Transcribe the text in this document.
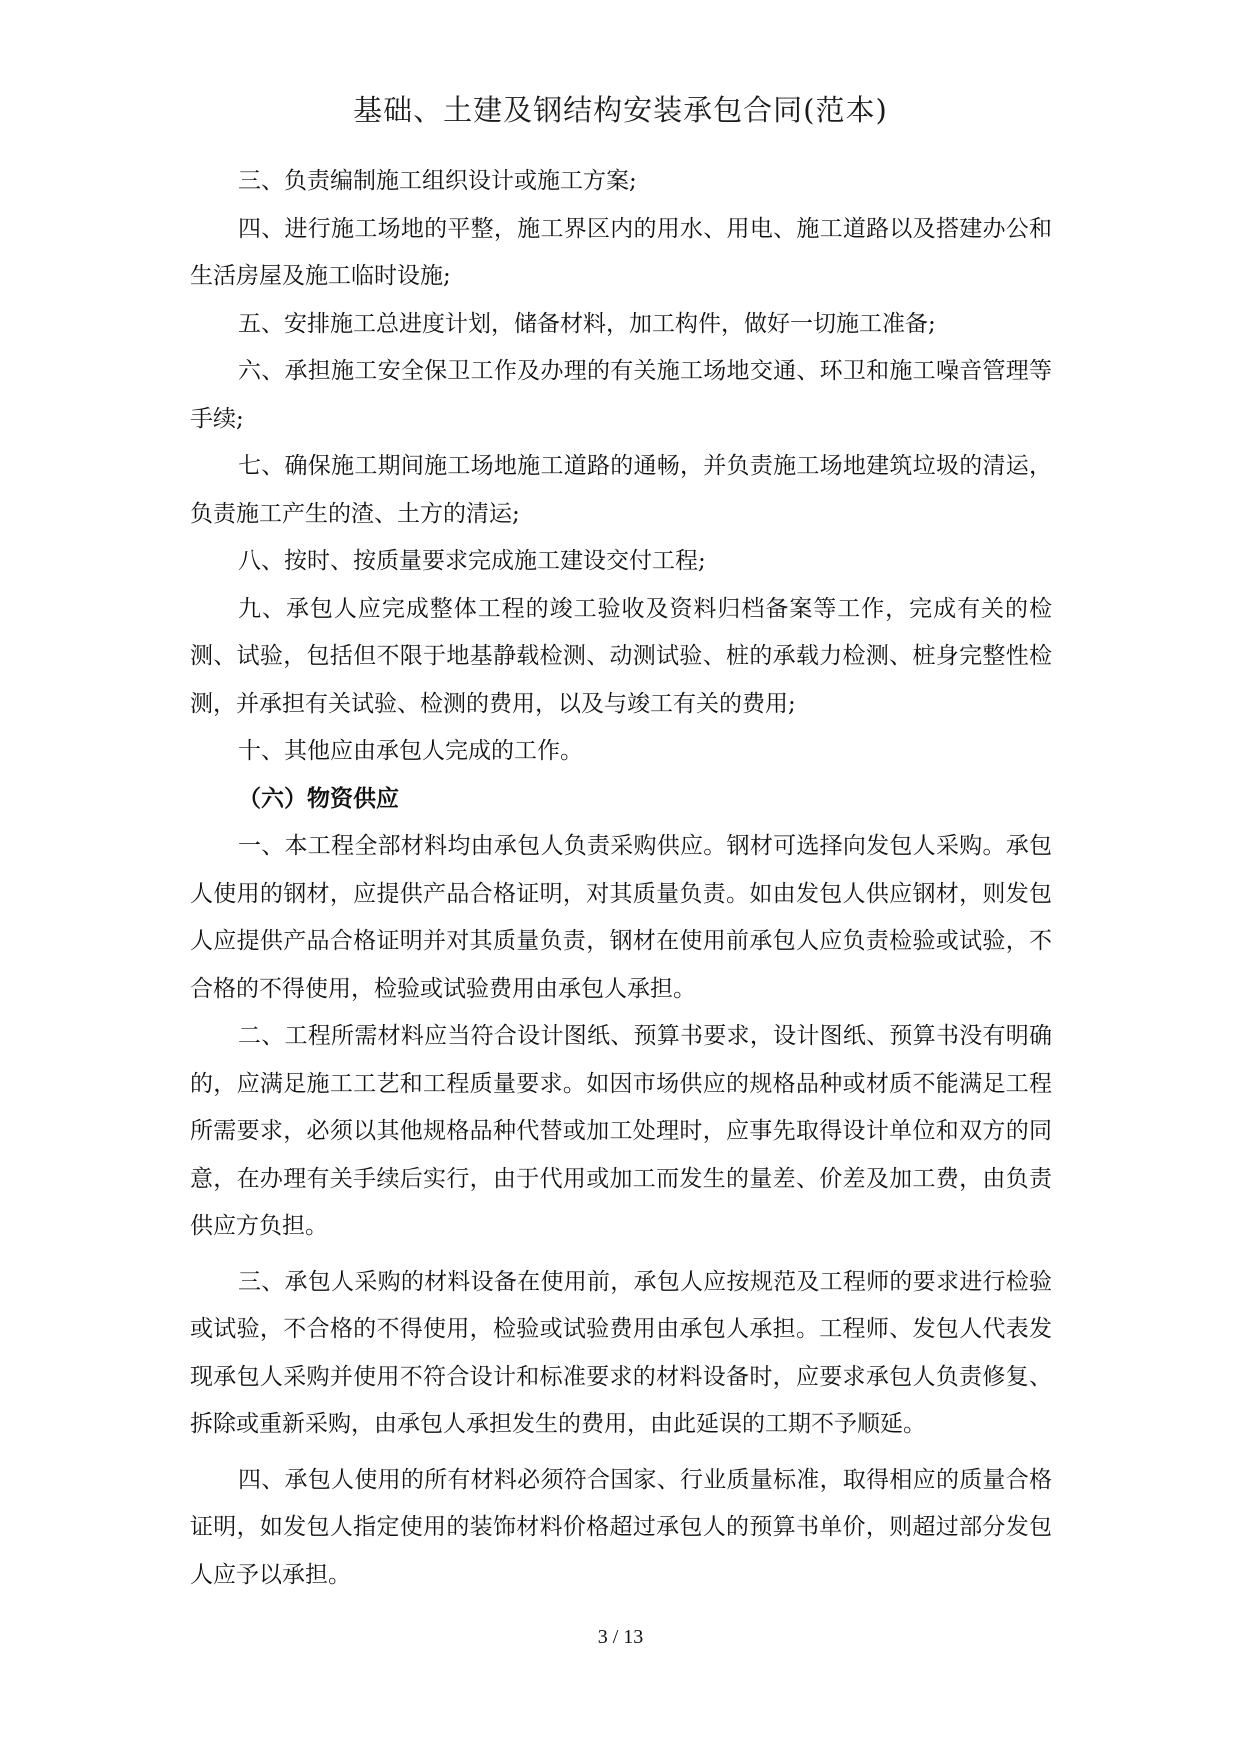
基础、土建及钢结构安装承包合同(范本)

三、负责编制施工组织设计或施工方案;

四、进行施工场地的平整，施工界区内的用水、用电、施工道路以及搭建办公和生活房屋及施工临时设施;

五、安排施工总进度计划，储备材料，加工构件，做好一切施工准备;

六、承担施工安全保卫工作及办理的有关施工场地交通、环卫和施工噪音管理等手续;

七、确保施工期间施工场地施工道路的通畅，并负责施工场地建筑垃圾的清运，负责施工产生的渣、土方的清运;

八、按时、按质量要求完成施工建设交付工程;

九、承包人应完成整体工程的竣工验收及资料归档备案等工作，完成有关的检测、试验，包括但不限于地基静载检测、动测试验、桩的承载力检测、桩身完整性检测，并承担有关试验、检测的费用，以及与竣工有关的费用;

十、其他应由承包人完成的工作。

（六）物资供应

一、本工程全部材料均由承包人负责采购供应。钢材可选择向发包人采购。承包人使用的钢材，应提供产品合格证明，对其质量负责。如由发包人供应钢材，则发包人应提供产品合格证明并对其质量负责，钢材在使用前承包人应负责检验或试验，不合格的不得使用，检验或试验费用由承包人承担。

二、工程所需材料应当符合设计图纸、预算书要求，设计图纸、预算书没有明确的，应满足施工工艺和工程质量要求。如因市场供应的规格品种或材质不能满足工程所需要求，必须以其他规格品种代替或加工处理时，应事先取得设计单位和双方的同意，在办理有关手续后实行，由于代用或加工而发生的量差、价差及加工费，由负责供应方负担。

三、承包人采购的材料设备在使用前，承包人应按规范及工程师的要求进行检验或试验，不合格的不得使用，检验或试验费用由承包人承担。工程师、发包人代表发现承包人采购并使用不符合设计和标准要求的材料设备时，应要求承包人负责修复、拆除或重新采购，由承包人承担发生的费用，由此延误的工期不予顺延。

四、承包人使用的所有材料必须符合国家、行业质量标准，取得相应的质量合格证明，如发包人指定使用的装饰材料价格超过承包人的预算书单价，则超过部分发包人应予以承担。

3 / 13
